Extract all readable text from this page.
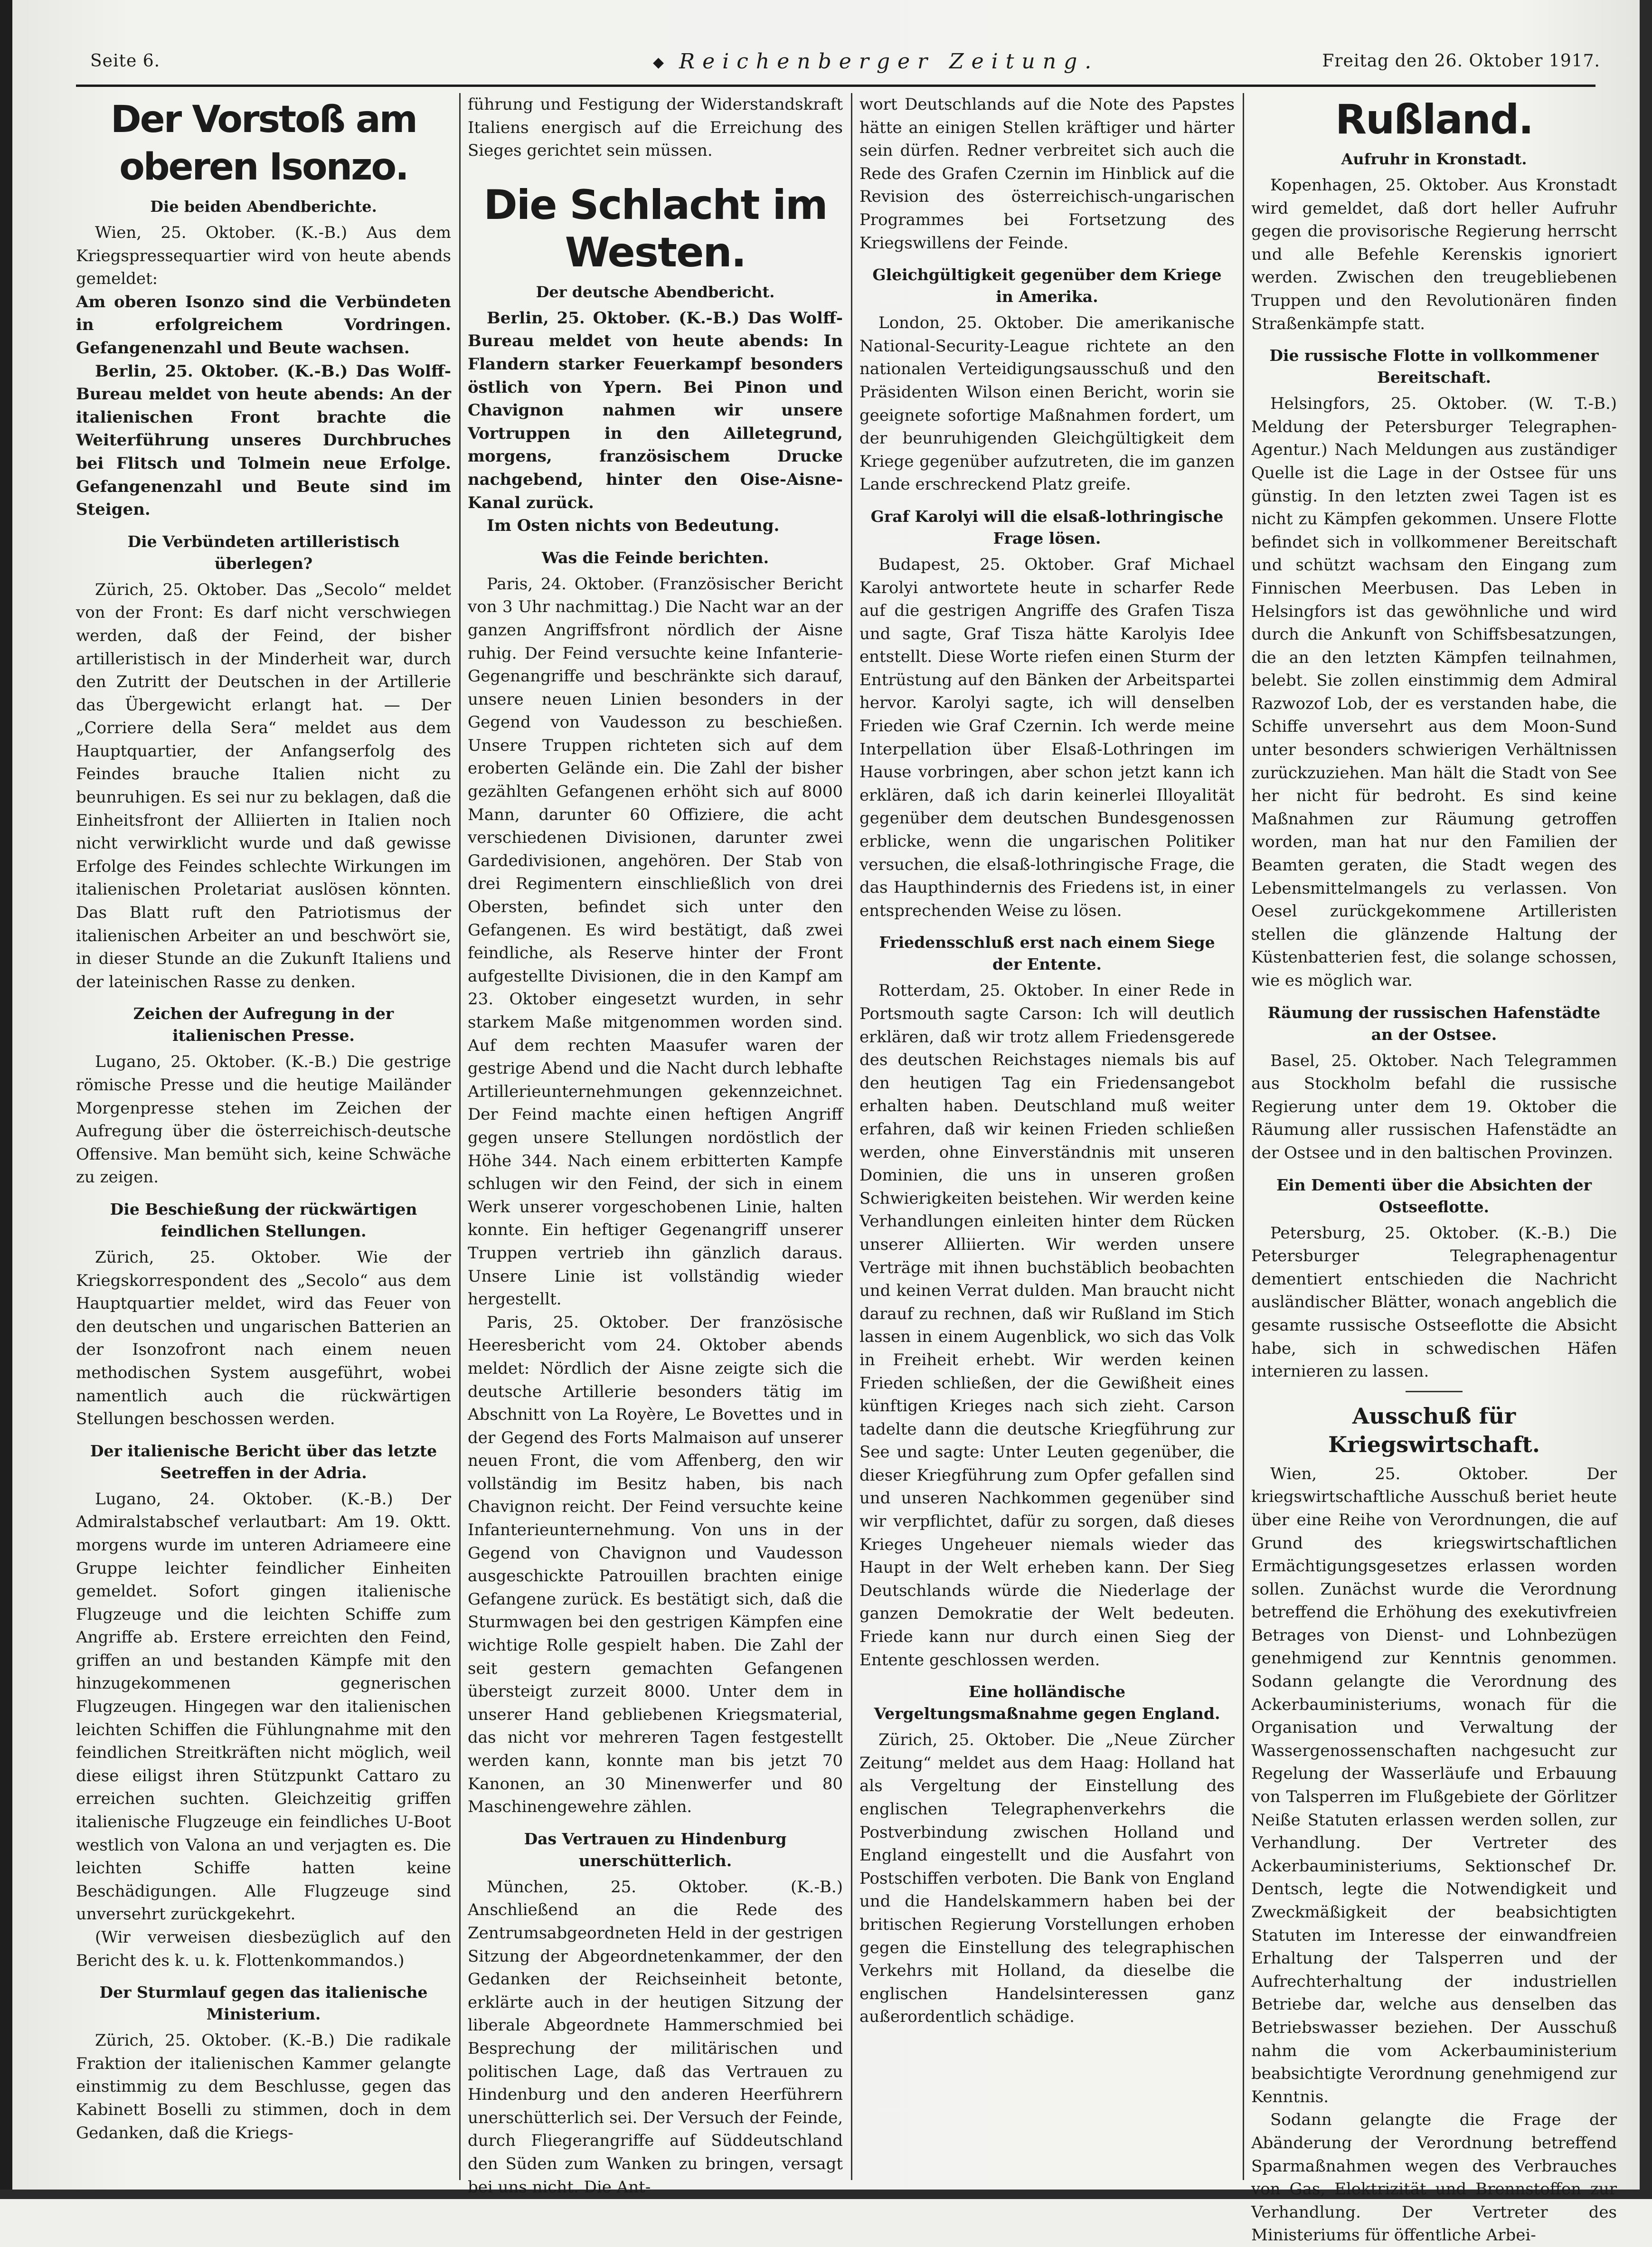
Seite 6.	◆ Reichenberger Zeitung.	Freitag den 26. Oktober 1917.
Der Vorstoß am oberen Isonzo.
Die beiden Abendberichte.

Wien, 25. Oktober. (K.-B.) Aus dem Kriegspressequartier wird von heute abends gemeldet:

Am oberen Isonzo sind die Verbündeten in erfolgreichem Vordringen. Gefangenenzahl und Beute wachsen.

Berlin, 25. Oktober. (K.-B.) Das Wolff-Bureau meldet von heute abends: An der italienischen Front brachte die Weiterführung unseres Durchbruches bei Flitsch und Tolmein neue Erfolge. Gefangenenzahl und Beute sind im Steigen.

Die Verbündeten artilleristisch überlegen?

Zürich, 25. Oktober. Das „Secolo“ meldet von der Front: Es darf nicht verschwiegen werden, daß der Feind, der bisher artilleristisch in der Minderheit war, durch den Zutritt der Deutschen in der Artillerie das Übergewicht erlangt hat. — Der „Corriere della Sera“ meldet aus dem Hauptquartier, der Anfangserfolg des Feindes brauche Italien nicht zu beunruhigen. Es sei nur zu beklagen, daß die Einheitsfront der Alliierten in Italien noch nicht verwirklicht wurde und daß gewisse Erfolge des Feindes schlechte Wirkungen im italienischen Proletariat auslösen könnten. Das Blatt ruft den Patriotismus der italienischen Arbeiter an und beschwört sie, in dieser Stunde an die Zukunft Italiens und der lateinischen Rasse zu denken.

Zeichen der Aufregung in der italienischen Presse.

Lugano, 25. Oktober. (K.-B.) Die gestrige römische Presse und die heutige Mailänder Morgenpresse stehen im Zeichen der Aufregung über die österreichisch-deutsche Offensive. Man bemüht sich, keine Schwäche zu zeigen.

Die Beschießung der rückwärtigen feindlichen Stellungen.

Zürich, 25. Oktober. Wie der Kriegskorrespondent des „Secolo“ aus dem Hauptquartier meldet, wird das Feuer von den deutschen und ungarischen Batterien an der Isonzofront nach einem neuen methodischen System ausgeführt, wobei namentlich auch die rückwärtigen Stellungen beschossen werden.

Der italienische Bericht über das letzte Seetreffen in der Adria.

Lugano, 24. Oktober. (K.-B.) Der Admiralstabschef verlautbart: Am 19. Oktt. morgens wurde im unteren Adriameere eine Gruppe leichter feindlicher Einheiten gemeldet. Sofort gingen italienische Flugzeuge und die leichten Schiffe zum Angriffe ab. Erstere erreichten den Feind, griffen an und bestanden Kämpfe mit den hinzugekommenen gegnerischen Flugzeugen. Hingegen war den italienischen leichten Schiffen die Fühlungnahme mit den feindlichen Streitkräften nicht möglich, weil diese eiligst ihren Stützpunkt Cattaro zu erreichen suchten. Gleichzeitig griffen italienische Flugzeuge ein feindliches U-Boot westlich von Valona an und verjagten es. Die leichten Schiffe hatten keine Beschädigungen. Alle Flugzeuge sind unversehrt zurückgekehrt.

(Wir verweisen diesbezüglich auf den Bericht des k. u. k. Flottenkommandos.)

Der Sturmlauf gegen das italienische Ministerium.

Zürich, 25. Oktober. (K.-B.) Die radikale Fraktion der italienischen Kammer gelangte einstimmig zu dem Beschlusse, gegen das Kabinett Boselli zu stimmen, doch in dem Gedanken, daß die Kriegs-

führung und Festigung der Widerstandskraft Italiens energisch auf die Erreichung des Sieges gerichtet sein müssen.

Die Schlacht im Westen.
Der deutsche Abendbericht.

Berlin, 25. Oktober. (K.-B.) Das Wolff-Bureau meldet von heute abends: In Flandern starker Feuerkampf besonders östlich von Ypern. Bei Pinon und Chavignon nahmen wir unsere Vortruppen in den Ailletegrund, morgens, französischem Drucke nachgebend, hinter den Oise-Aisne-Kanal zurück.

Im Osten nichts von Bedeutung.

Was die Feinde berichten.

Paris, 24. Oktober. (Französischer Bericht von 3 Uhr nachmittag.) Die Nacht war an der ganzen Angriffsfront nördlich der Aisne ruhig. Der Feind versuchte keine Infanterie-Gegenangriffe und beschränkte sich darauf, unsere neuen Linien besonders in der Gegend von Vaudesson zu beschießen. Unsere Truppen richteten sich auf dem eroberten Gelände ein. Die Zahl der bisher gezählten Gefangenen erhöht sich auf 8000 Mann, darunter 60 Offiziere, die acht verschiedenen Divisionen, darunter zwei Gardedivisionen, angehören. Der Stab von drei Regimentern einschließlich von drei Obersten, befindet sich unter den Gefangenen. Es wird bestätigt, daß zwei feindliche, als Reserve hinter der Front aufgestellte Divisionen, die in den Kampf am 23. Oktober eingesetzt wurden, in sehr starkem Maße mitgenommen worden sind. Auf dem rechten Maasufer waren der gestrige Abend und die Nacht durch lebhafte Artillerieunternehmungen gekennzeichnet. Der Feind machte einen heftigen Angriff gegen unsere Stellungen nordöstlich der Höhe 344. Nach einem erbitterten Kampfe schlugen wir den Feind, der sich in einem Werk unserer vorgeschobenen Linie, halten konnte. Ein heftiger Gegenangriff unserer Truppen vertrieb ihn gänzlich daraus. Unsere Linie ist vollständig wieder hergestellt.

Paris, 25. Oktober. Der französische Heeresbericht vom 24. Oktober abends meldet: Nördlich der Aisne zeigte sich die deutsche Artillerie besonders tätig im Abschnitt von La Royère, Le Bovettes und in der Gegend des Forts Malmaison auf unserer neuen Front, die vom Affenberg, den wir vollständig im Besitz haben, bis nach Chavignon reicht. Der Feind versuchte keine Infanterieunternehmung. Von uns in der Gegend von Chavignon und Vaudesson ausgeschickte Patrouillen brachten einige Gefangene zurück. Es bestätigt sich, daß die Sturmwagen bei den gestrigen Kämpfen eine wichtige Rolle gespielt haben. Die Zahl der seit gestern gemachten Gefangenen übersteigt zurzeit 8000. Unter dem in unserer Hand gebliebenen Kriegsmaterial, das nicht vor mehreren Tagen festgestellt werden kann, konnte man bis jetzt 70 Kanonen, an 30 Minenwerfer und 80 Maschinengewehre zählen.

Das Vertrauen zu Hindenburg unerschütterlich.

München, 25. Oktober. (K.-B.) Anschließend an die Rede des Zentrumsabgeordneten Held in der gestrigen Sitzung der Abgeordnetenkammer, der den Gedanken der Reichseinheit betonte, erklärte auch in der heutigen Sitzung der liberale Abgeordnete Hammerschmied bei Besprechung der militärischen und politischen Lage, daß das Vertrauen zu Hindenburg und den anderen Heerführern unerschütterlich sei. Der Versuch der Feinde, durch Fliegerangriffe auf Süddeutschland den Süden zum Wanken zu bringen, versagt bei uns nicht. Die Ant-

wort Deutschlands auf die Note des Papstes hätte an einigen Stellen kräftiger und härter sein dürfen. Redner verbreitet sich auch die Rede des Grafen Czernin im Hinblick auf die Revision des österreichisch-ungarischen Programmes bei Fortsetzung des Kriegswillens der Feinde.

Gleichgültigkeit gegenüber dem Kriege in Amerika.

London, 25. Oktober. Die amerikanische National-Security-League richtete an den nationalen Verteidigungsausschuß und den Präsidenten Wilson einen Bericht, worin sie geeignete sofortige Maßnahmen fordert, um der beunruhigenden Gleichgültigkeit dem Kriege gegenüber aufzutreten, die im ganzen Lande erschreckend Platz greife.

Graf Karolyi will die elsaß-lothringische Frage lösen.

Budapest, 25. Oktober. Graf Michael Karolyi antwortete heute in scharfer Rede auf die gestrigen Angriffe des Grafen Tisza und sagte, Graf Tisza hätte Karolyis Idee entstellt. Diese Worte riefen einen Sturm der Entrüstung auf den Bänken der Arbeitspartei hervor. Karolyi sagte, ich will denselben Frieden wie Graf Czernin. Ich werde meine Interpellation über Elsaß-Lothringen im Hause vorbringen, aber schon jetzt kann ich erklären, daß ich darin keinerlei Illoyalität gegenüber dem deutschen Bundesgenossen erblicke, wenn die ungarischen Politiker versuchen, die elsaß-lothringische Frage, die das Haupthindernis des Friedens ist, in einer entsprechenden Weise zu lösen.

Friedensschluß erst nach einem Siege der Entente.

Rotterdam, 25. Oktober. In einer Rede in Portsmouth sagte Carson: Ich will deutlich erklären, daß wir trotz allem Friedensgerede des deutschen Reichstages niemals bis auf den heutigen Tag ein Friedensangebot erhalten haben. Deutschland muß weiter erfahren, daß wir keinen Frieden schließen werden, ohne Einverständnis mit unseren Dominien, die uns in unseren großen Schwierigkeiten beistehen. Wir werden keine Verhandlungen einleiten hinter dem Rücken unserer Alliierten. Wir werden unsere Verträge mit ihnen buchstäblich beobachten und keinen Verrat dulden. Man braucht nicht darauf zu rechnen, daß wir Rußland im Stich lassen in einem Augenblick, wo sich das Volk in Freiheit erhebt. Wir werden keinen Frieden schließen, der die Gewißheit eines künftigen Krieges nach sich zieht. Carson tadelte dann die deutsche Kriegführung zur See und sagte: Unter Leuten gegenüber, die dieser Kriegführung zum Opfer gefallen sind und unseren Nachkommen gegenüber sind wir verpflichtet, dafür zu sorgen, daß dieses Krieges Ungeheuer niemals wieder das Haupt in der Welt erheben kann. Der Sieg Deutschlands würde die Niederlage der ganzen Demokratie der Welt bedeuten. Friede kann nur durch einen Sieg der Entente geschlossen werden.

Eine holländische Vergeltungsmaßnahme gegen England.

Zürich, 25. Oktober. Die „Neue Zürcher Zeitung“ meldet aus dem Haag: Holland hat als Vergeltung der Einstellung des englischen Telegraphenverkehrs die Postverbindung zwischen Holland und England eingestellt und die Ausfahrt von Postschiffen verboten. Die Bank von England und die Handelskammern haben bei der britischen Regierung Vorstellungen erhoben gegen die Einstellung des telegraphischen Verkehrs mit Holland, da dieselbe die englischen Handelsinteressen ganz außerordentlich schädige.

Rußland.
Aufruhr in Kronstadt.

Kopenhagen, 25. Oktober. Aus Kronstadt wird gemeldet, daß dort heller Aufruhr gegen die provisorische Regierung herrscht und alle Befehle Kerenskis ignoriert werden. Zwischen den treugebliebenen Truppen und den Revolutionären finden Straßenkämpfe statt.

Die russische Flotte in vollkommener Bereitschaft.

Helsingfors, 25. Oktober. (W. T.-B.) Meldung der Petersburger Telegraphen-Agentur.) Nach Meldungen aus zuständiger Quelle ist die Lage in der Ostsee für uns günstig. In den letzten zwei Tagen ist es nicht zu Kämpfen gekommen. Unsere Flotte befindet sich in vollkommener Bereitschaft und schützt wachsam den Eingang zum Finnischen Meerbusen. Das Leben in Helsingfors ist das gewöhnliche und wird durch die Ankunft von Schiffsbesatzungen, die an den letzten Kämpfen teilnahmen, belebt. Sie zollen einstimmig dem Admiral Razwozof Lob, der es verstanden habe, die Schiffe unversehrt aus dem Moon-Sund unter besonders schwierigen Verhältnissen zurückzuziehen. Man hält die Stadt von See her nicht für bedroht. Es sind keine Maßnahmen zur Räumung getroffen worden, man hat nur den Familien der Beamten geraten, die Stadt wegen des Lebensmittelmangels zu verlassen. Von Oesel zurückgekommene Artilleristen stellen die glänzende Haltung der Küstenbatterien fest, die solange schossen, wie es möglich war.

Räumung der russischen Hafenstädte an der Ostsee.

Basel, 25. Oktober. Nach Telegrammen aus Stockholm befahl die russische Regierung unter dem 19. Oktober die Räumung aller russischen Hafenstädte an der Ostsee und in den baltischen Provinzen.

Ein Dementi über die Absichten der Ostseeflotte.

Petersburg, 25. Oktober. (K.-B.) Die Petersburger Telegraphenagentur dementiert entschieden die Nachricht ausländischer Blätter, wonach angeblich die gesamte russische Ostseeflotte die Absicht habe, sich in schwedischen Häfen internieren zu lassen.

Ausschuß für Kriegswirtschaft.

Wien, 25. Oktober. Der kriegswirtschaftliche Ausschuß beriet heute über eine Reihe von Verordnungen, die auf Grund des kriegswirtschaftlichen Ermächtigungsgesetzes erlassen worden sollen. Zunächst wurde die Verordnung betreffend die Erhöhung des exekutivfreien Betrages von Dienst- und Lohnbezügen genehmigend zur Kenntnis genommen. Sodann gelangte die Verordnung des Ackerbauministeriums, wonach für die Organisation und Verwaltung der Wassergenossenschaften nachgesucht zur Regelung der Wasserläufe und Erbauung von Talsperren im Flußgebiete der Görlitzer Neiße Statuten erlassen werden sollen, zur Verhandlung. Der Vertreter des Ackerbauministeriums, Sektionschef Dr. Dentsch, legte die Notwendigkeit und Zweckmäßigkeit der beabsichtigten Statuten im Interesse der einwandfreien Erhaltung der Talsperren und der Aufrechterhaltung der industriellen Betriebe dar, welche aus denselben das Betriebswasser beziehen. Der Ausschuß nahm die vom Ackerbauministerium beabsichtigte Verordnung genehmigend zur Kenntnis.

Sodann gelangte die Frage der Abänderung der Verordnung betreffend Sparmaßnahmen wegen des Verbrauches von Gas, Elektrizität und Brennstoffen zur Verhandlung. Der Vertreter des Ministeriums für öffentliche Arbei-
